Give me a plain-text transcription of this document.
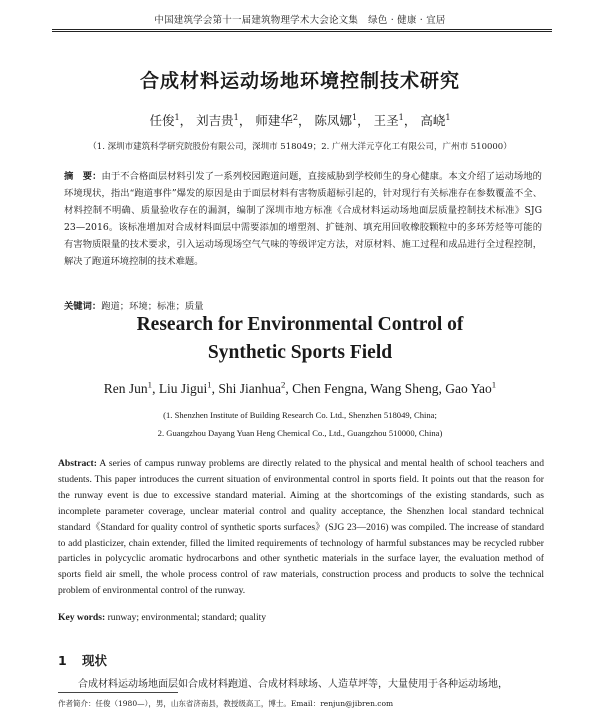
中国建筑学会第十一届建筑物理学术大会论文集 绿色 · 健康 · 宜居
合成材料运动场地环境控制技术研究
任俊$^1$， 刘吉贵$^1$， 师建华$^2$， 陈凤娜$^1$， 王圣$^1$， 高峣$^1$
（1. 深圳市建筑科学研究院股份有限公司，深圳市 518049；2. 广州大洋元亨化工有限公司，广州市 510000）
摘　要：由于不合格面层材料引发了一系列校园跑道问题，直接威胁到学校师生的身心健康。本文介绍了运动场地的环境现状，指出“跑道事件”爆发的原因是由于面层材料有害物质超标引起的，针对现行有关标准存在参数覆盖不全、材料控制不明确、质量验收存在的漏洞，编制了深圳市地方标准《合成材料运动场地面层质量控制技术标准》SJG 23—2016。该标准增加对合成材料面层中需要添加的增塑剂、扩链剂、填充用回收橡胶颗粒中的多环芳烃等可能的有害物质限量的技术要求，引入运动场现场空气气味的等级评定方法，对原材料、施工过程和成品进行全过程控制，解决了跑道环境控制的技术难题。
关键词：跑道；环境；标准；质量
Research for Environmental Control of
Synthetic Sports Field
Ren Jun$^1$, Liu Jigui$^1$, Shi Jianhua$^2$, Chen Fengna, Wang Sheng, Gao Yao$^1$
(1. Shenzhen Institute of Building Research Co. Ltd., Shenzhen 518049, China;
2. Guangzhou Dayang Yuan Heng Chemical Co., Ltd., Guangzhou 510000, China)
Abstract: A series of campus runway problems are directly related to the physical and mental health of school teachers and students. This paper introduces the current situation of environmental control in sports field. It points out that the reason for the runway event is due to excessive standard material. Aiming at the shortcomings of the existing standards, such as incomplete parameter coverage, unclear material control and quality acceptance, the Shenzhen local standard technical standard《Standard for quality control of synthetic sports surfaces》(SJG 23—2016) was compiled. The increase of standard to add plasticizer, chain extender, filled the limited requirements of technology of harmful substances may be recycled rubber particles in polycyclic aromatic hydrocarbons and other synthetic materials in the surface layer, the evaluation method of sports field air smell, the whole process control of raw materials, construction process and products to solve the technical problem of environmental control of the runway.
Key words: runway; environmental; standard; quality
1 现状
合成材料运动场地面层如合成材料跑道、合成材料球场、人造草坪等，大量使用于各种运动场地，
作者简介：任俊（1980—），男，山东省济南县，教授级高工，博士。Email：renjun@jibren.com
